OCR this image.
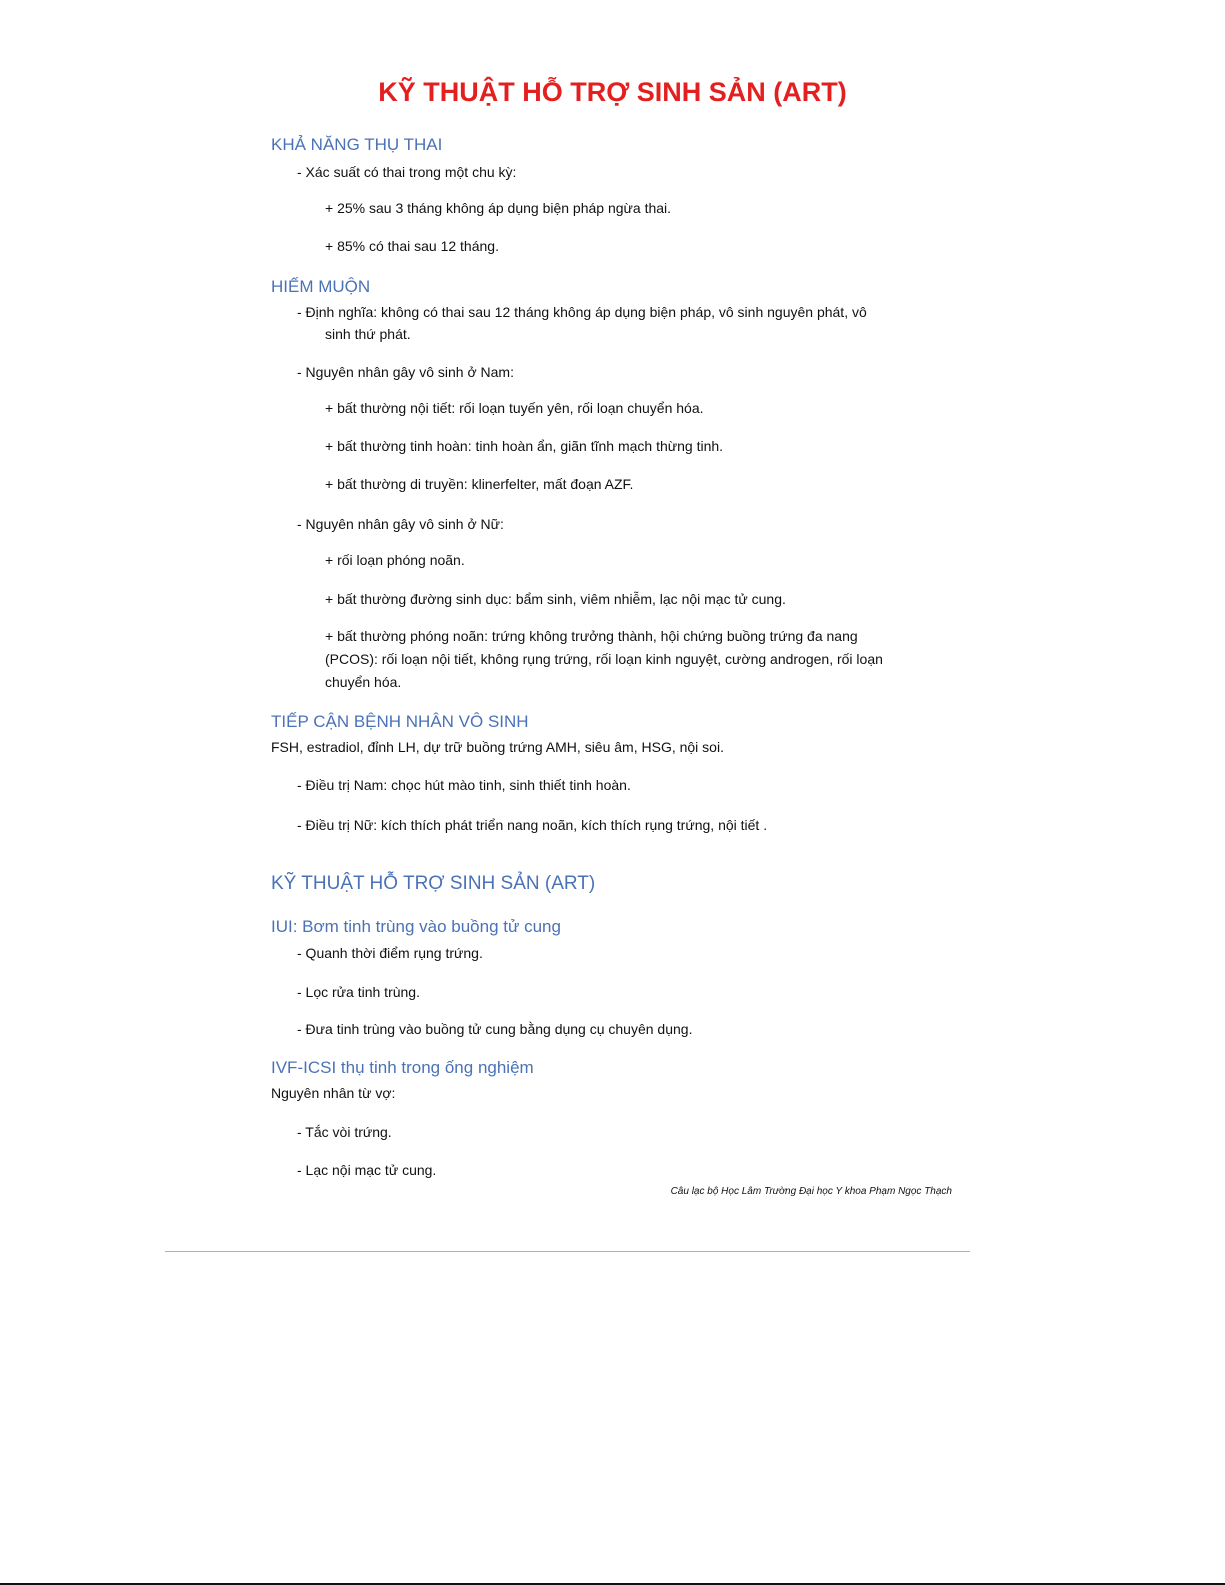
KỸ THUẬT HỖ TRỢ SINH SẢN (ART)
KHẢ NĂNG THỤ THAI
- Xác suất có thai trong một chu kỳ:
+ 25% sau 3 tháng không áp dụng biện pháp ngừa thai.
+ 85% có thai sau 12 tháng.
HIẾM MUỘN
- Định nghĩa: không có thai sau 12 tháng không áp dụng biện pháp, vô sinh nguyên phát, vô
sinh thứ phát.
- Nguyên nhân gây vô sinh ở Nam:
+ bất thường nội tiết: rối loạn tuyến yên, rối loạn chuyển hóa.
+ bất thường tinh hoàn: tinh hoàn ẩn, giãn tĩnh mạch thừng tinh.
+ bất thường di truyền: klinerfelter, mất đoạn AZF.
- Nguyên nhân gây vô sinh ở Nữ:
+ rối loạn phóng noãn.
+ bất thường đường sinh dục: bẩm sinh, viêm nhiễm, lạc nội mạc tử cung.
+ bất thường phóng noãn: trứng không trưởng thành, hội chứng buồng trứng đa nang
(PCOS): rối loạn nội tiết, không rụng trứng, rối loạn kinh nguyệt, cường androgen, rối loạn
chuyển hóa.
TIẾP CẬN BỆNH NHÂN VÔ SINH
FSH, estradiol, đỉnh LH, dự trữ buồng trứng AMH, siêu âm, HSG, nội soi.
- Điều trị Nam: chọc hút mào tinh, sinh thiết tinh hoàn.
- Điều trị Nữ: kích thích phát triển nang noãn, kích thích rụng trứng, nội tiết .
KỸ THUẬT HỖ TRỢ SINH SẢN (ART)
IUI: Bơm tinh trùng vào buồng tử cung
- Quanh thời điểm rụng trứng.
- Lọc rửa tinh trùng.
- Đưa tinh trùng vào buồng tử cung bằng dụng cụ chuyên dụng.
IVF-ICSI thụ tinh trong ống nghiệm
Nguyên nhân từ vợ:
- Tắc vòi trứng.
- Lạc nội mạc tử cung.
Câu lạc bộ Học Lâm Trường Đại học Y khoa Phạm Ngọc Thạch
